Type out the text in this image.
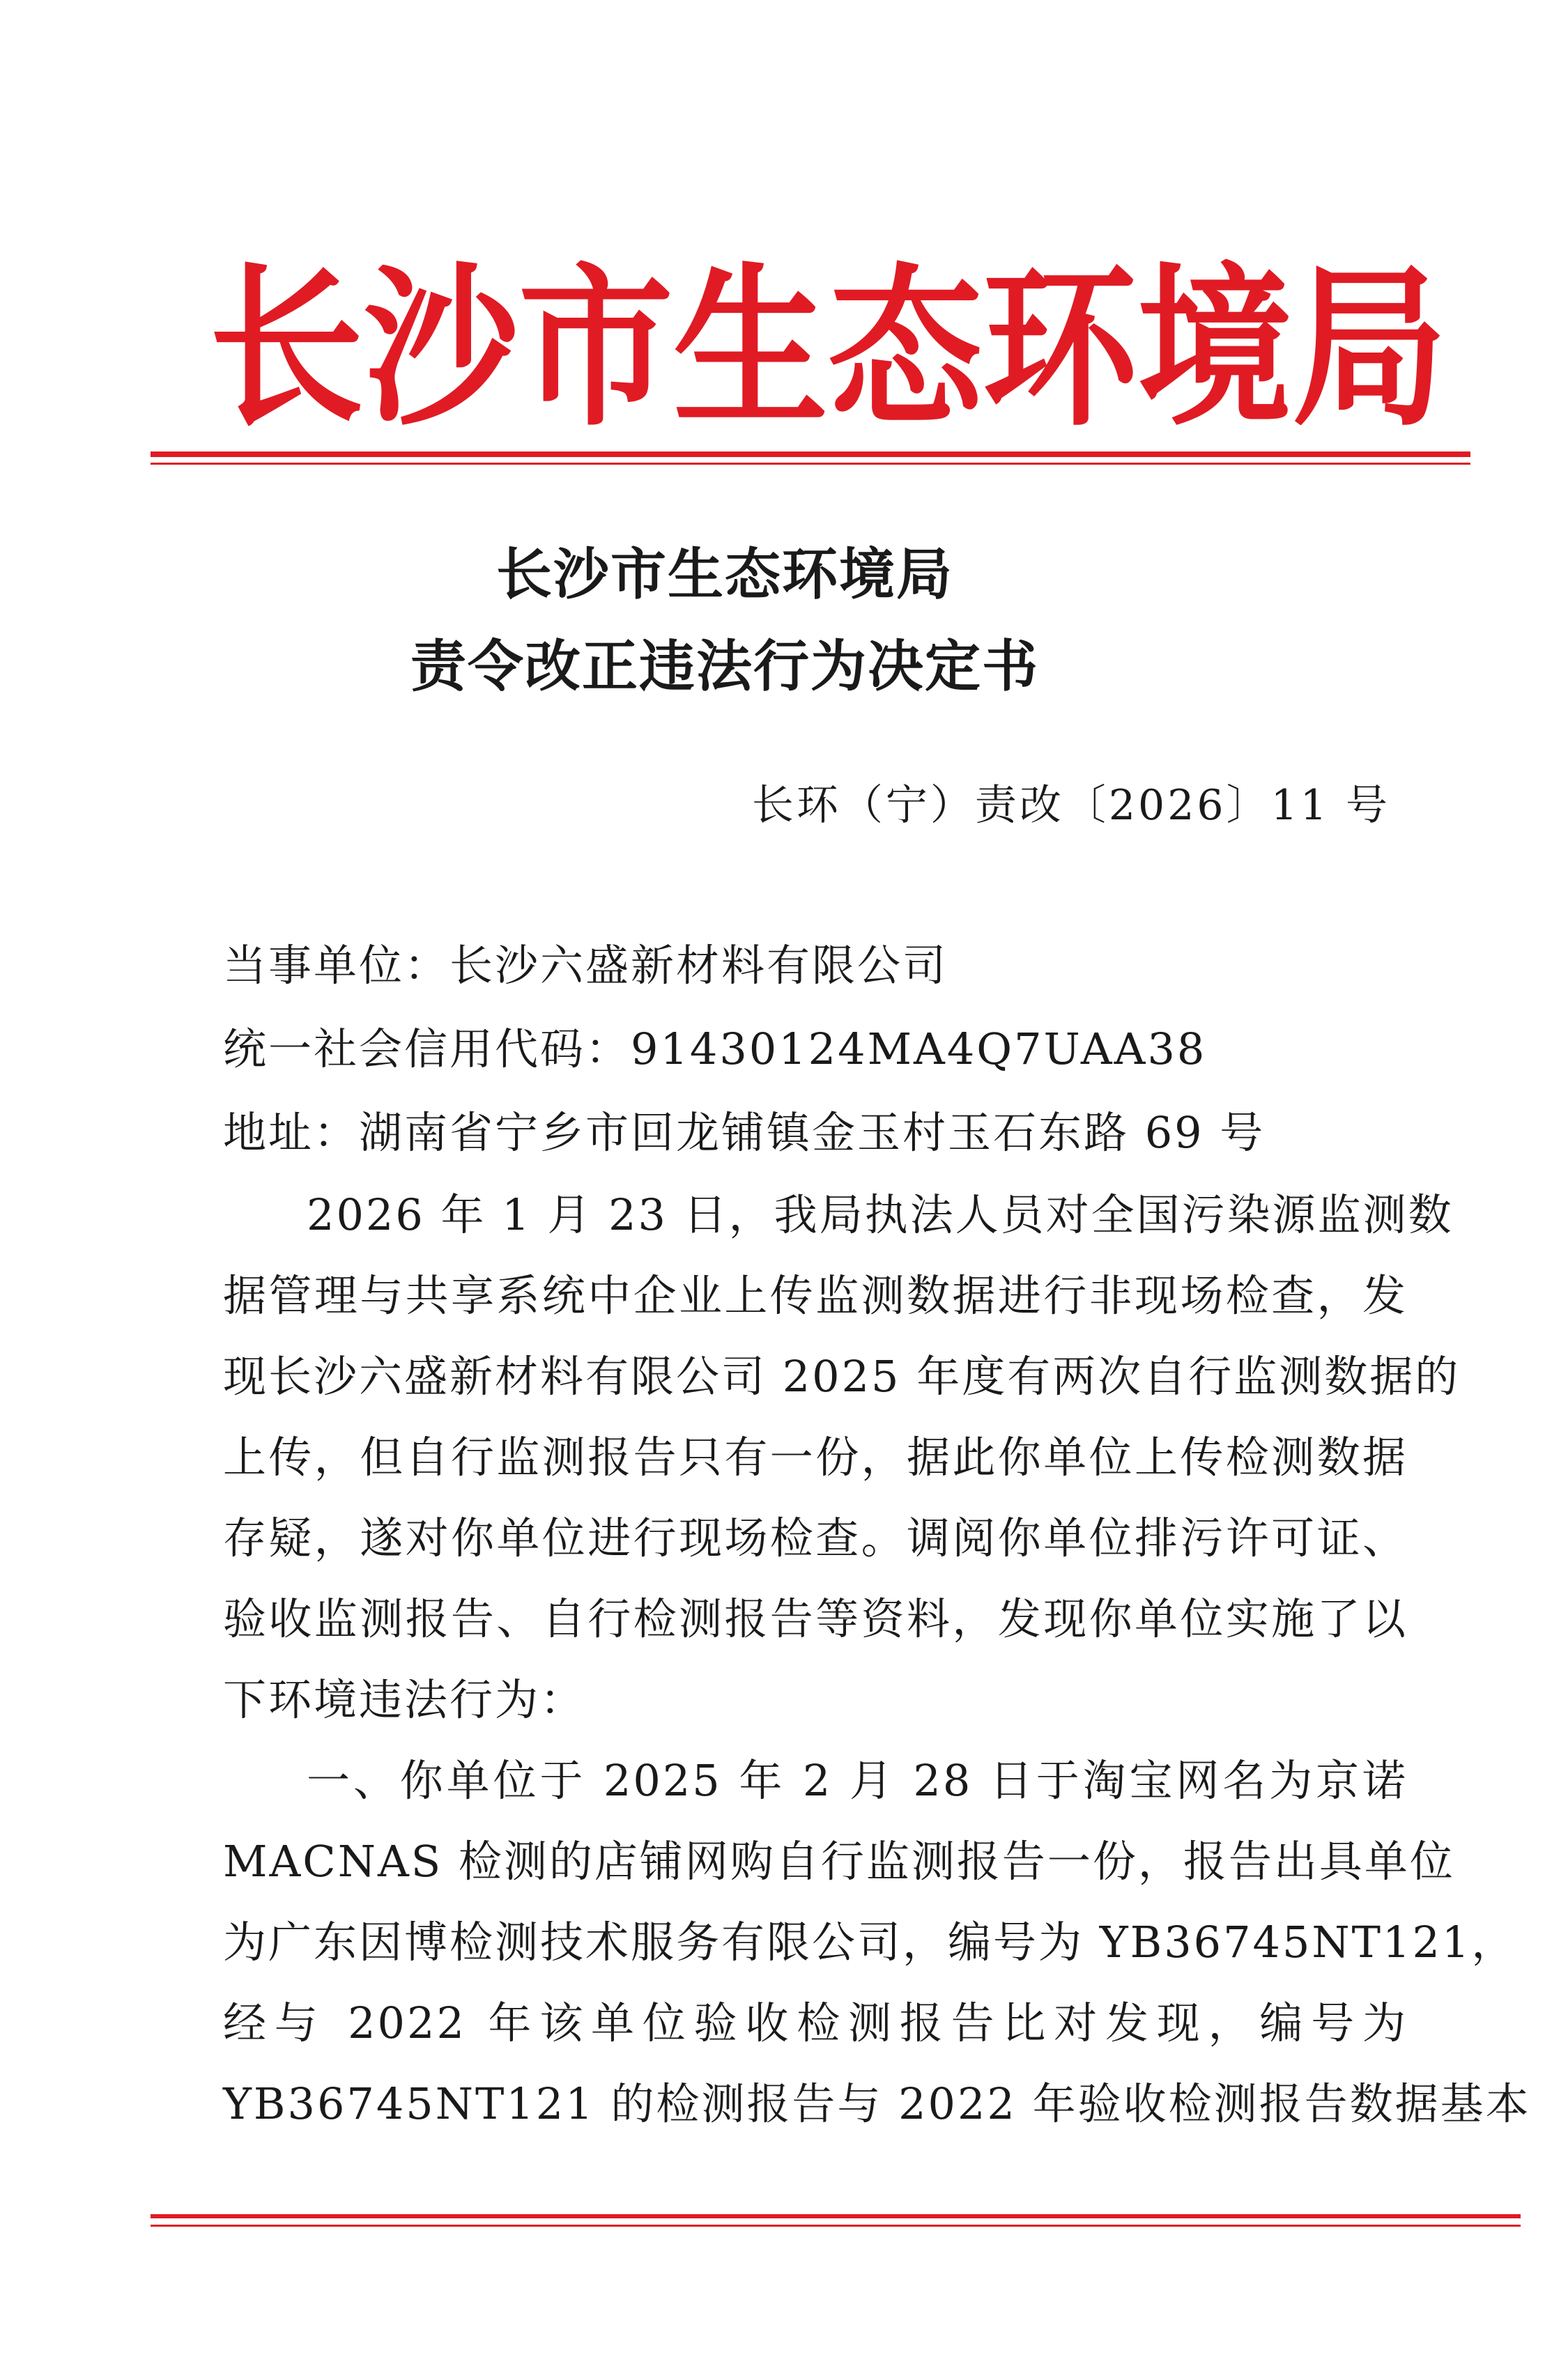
长 沙 市 生 态 环 境 局
长沙市生态环境局
责令改正违法行为决定书
长环（宁）责改〔2026〕11 号
当事单位：长沙六盛新材料有限公司
统一社会信用代码：91430124MA4Q7UAA38
地址：湖南省宁乡市回龙铺镇金玉村玉石东路 69 号
2026 年 1 月 23 日，我局执法人员对全国污染源监测数
据管理与共享系统中企业上传监测数据进行非现场检查，发
现长沙六盛新材料有限公司 2025 年度有两次自行监测数据的
上传，但自行监测报告只有一份，据此你单位上传检测数据
存疑，遂对你单位进行现场检查。调阅你单位排污许可证、
验收监测报告、自行检测报告等资料，发现你单位实施了以
下环境违法行为：
一、你单位于 2025 年 2 月 28 日于淘宝网名为京诺
MACNAS 检测的店铺网购自行监测报告一份，报告出具单位
为广东因博检测技术服务有限公司，编号为 YB36745NT121，
经与 2022 年该单位验收检测报告比对发现，编号为
YB36745NT121 的检测报告与 2022 年验收检测报告数据基本
